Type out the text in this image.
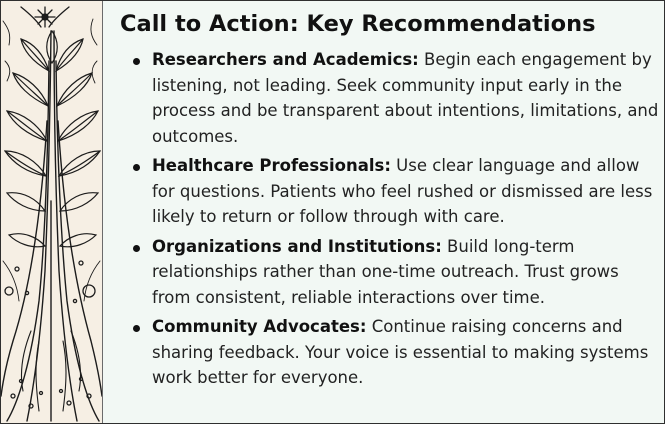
Call to Action: Key Recommendations
Researchers and Academics: Begin each engagement by listening, not leading. Seek community input early in the process and be transparent about intentions, limitations, and outcomes.
Healthcare Professionals: Use clear language and allow for questions. Patients who feel rushed or dismissed are less likely to return or follow through with care.
Organizations and Institutions: Build long-term relationships rather than one-time outreach. Trust grows from consistent, reliable interactions over time.
Community Advocates: Continue raising concerns and sharing feedback. Your voice is essential to making systems work better for everyone.
